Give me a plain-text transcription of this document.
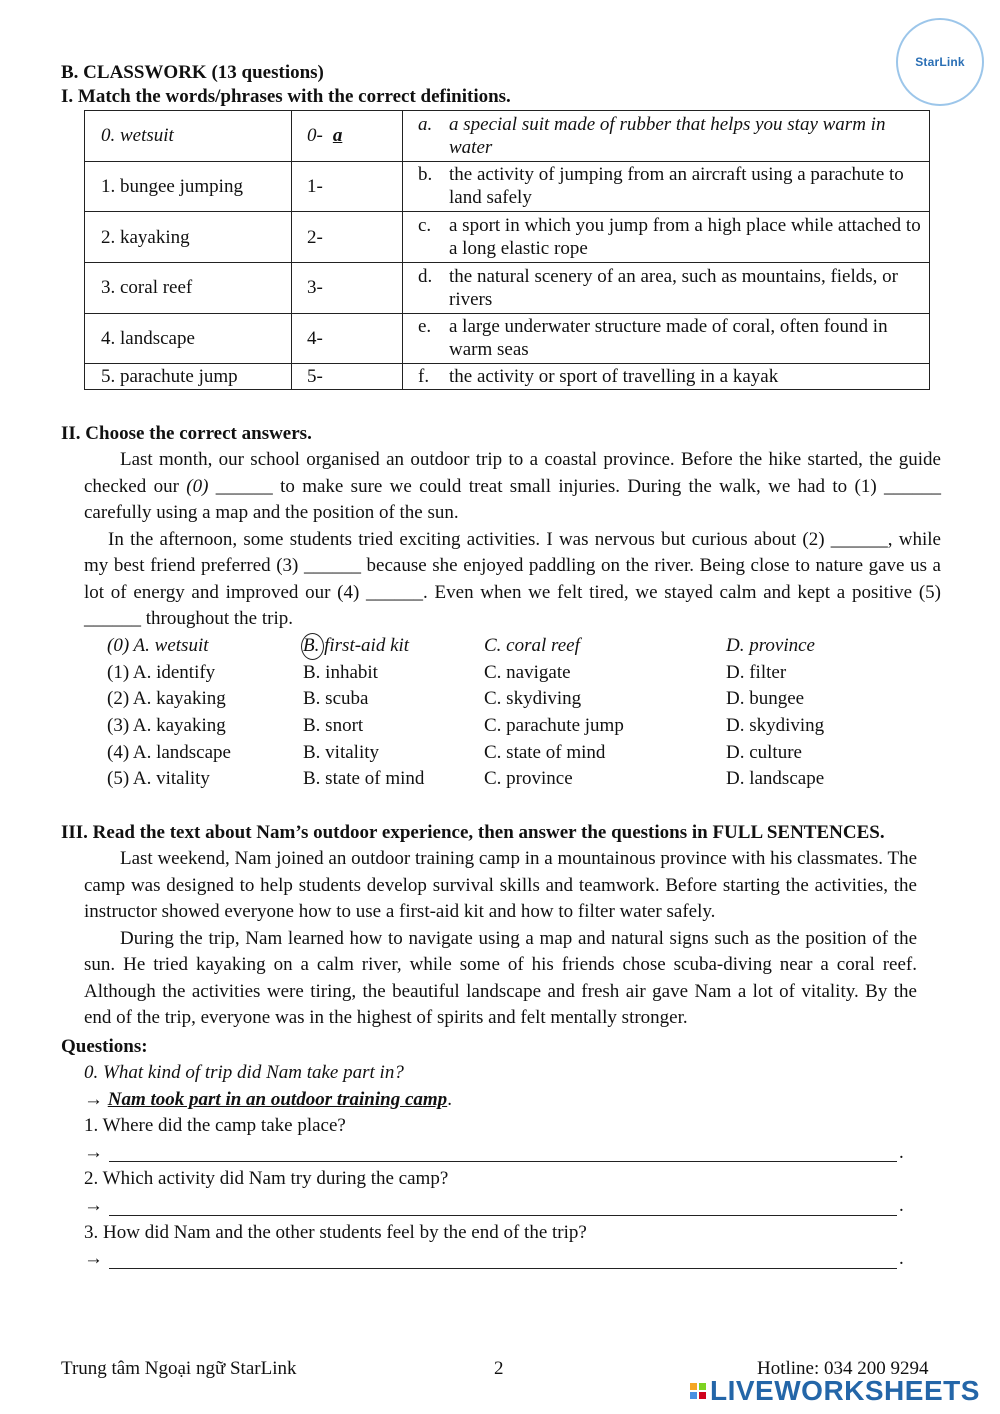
StarLink
B. CLASSWORK (13 questions)
I. Match the words/phrases with the correct definitions.
0. wetsuit	0- a	a. a special suit made of rubber that helps you stay warm in water

1. bungee jumping	1-	b. the activity of jumping from an aircraft using a parachute to land safely

2. kayaking	2-	c. a sport in which you jump from a high place while attached to a long elastic rope

3. coral reef	3-	d. the natural scenery of an area, such as mountains, fields, or rivers

4. landscape	4-	e. a large underwater structure made of coral, often found in warm seas

5. parachute jump	5-	f. the activity or sport of travelling in a kayak
II. Choose the correct answers.

Last month, our school organised an outdoor trip to a coastal province. Before the hike started, the guide checked our (0) ______ to make sure we could treat small injuries. During the walk, we had to (1) ______ carefully using a map and the position of the sun.

In the afternoon, some students tried exciting activities. I was nervous but curious about (2) ______, while my best friend preferred (3) ______ because she enjoyed paddling on the river. Being close to nature gave us a lot of energy and improved our (4) ______. Even when we felt tired, we stayed calm and kept a positive (5) ______ throughout the trip.

(0) A. wetsuit	B. first-aid kit	C. coral reef	D. province
(1) A. identify	B. inhabit	C. navigate	D. filter
(2) A. kayaking	B. scuba	C. skydiving	D. bungee
(3) A. kayaking	B. snort	C. parachute jump	D. skydiving
(4) A. landscape	B. vitality	C. state of mind	D. culture
(5) A. vitality	B. state of mind	C. province	D. landscape
III. Read the text about Nam’s outdoor experience, then answer the questions in FULL SENTENCES.

Last weekend, Nam joined an outdoor training camp in a mountainous province with his classmates. The camp was designed to help students develop survival skills and teamwork. Before starting the activities, the instructor showed everyone how to use a first-aid kit and how to filter water safely.

During the trip, Nam learned how to navigate using a map and natural signs such as the position of the sun. He tried kayaking on a calm river, while some of his friends chose scuba-diving near a coral reef. Although the activities were tiring, the beautiful landscape and fresh air gave Nam a lot of vitality. By the end of the trip, everyone was in the highest of spirits and felt mentally stronger.

Questions:
0. What kind of trip did Nam take part in?
→ Nam took part in an outdoor training camp.
1. Where did the camp take place?
→	.
2. Which activity did Nam try during the camp?
→	.
3. How did Nam and the other students feel by the end of the trip?
→	.
Trung tâm Ngoại ngữ StarLink	2	Hotline: 034 200 9294
LIVEWORKSHEETS
